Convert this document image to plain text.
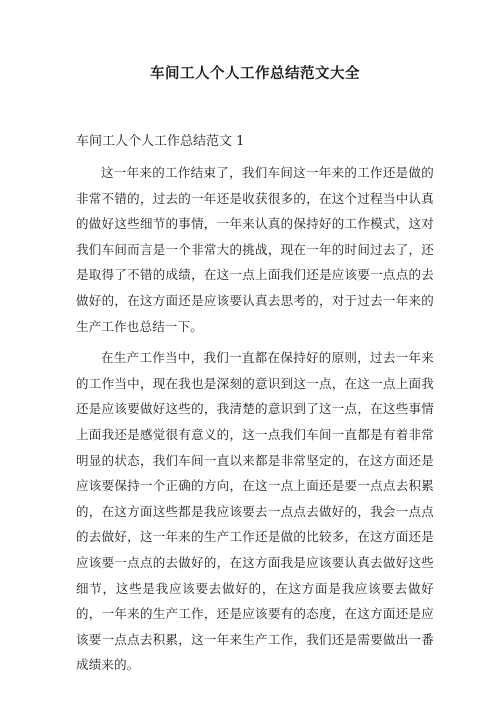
车间工人个人工作总结范文大全
车间工人个人工作总结范文 1

这一年来的工作结束了，我们车间这一年来的工作还是做的非常不错的，过去的一年还是收获很多的，在这个过程当中认真的做好这些细节的事情，一年来认真的保持好的工作模式，这对我们车间而言是一个非常大的挑战，现在一年的时间过去了，还是取得了不错的成绩，在这一点上面我们还是应该要一点点的去做好的，在这方面还是应该要认真去思考的，对于过去一年来的生产工作也总结一下。

在生产工作当中，我们一直都在保持好的原则，过去一年来的工作当中，现在我也是深刻的意识到这一点，在这一点上面我还是应该要做好这些的，我清楚的意识到了这一点，在这些事情上面我还是感觉很有意义的，这一点我们车间一直都是有着非常明显的状态，我们车间一直以来都是非常坚定的，在这方面还是应该要保持一个正确的方向，在这一点上面还是要一点点去积累的，在这方面这些都是我应该要去一点点去做好的，我会一点点的去做好，这一年来的生产工作还是做的比较多，在这方面还是应该要一点点的去做好的，在这方面我是应该要认真去做好这些细节，这些是我应该要去做好的，在这方面是我应该要去做好的，一年来的生产工作，还是应该要有的态度，在这方面还是应该要一点点去积累，这一年来生产工作，我们还是需要做出一番成绩来的。
